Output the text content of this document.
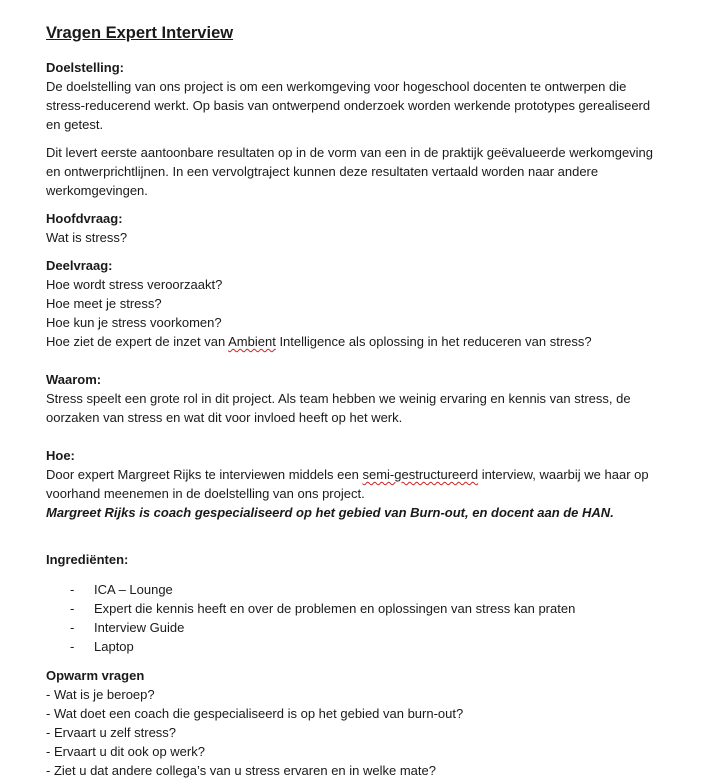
Vragen Expert Interview

Doelstelling:

De doelstelling van ons project is om een werkomgeving voor hogeschool docenten te ontwerpen die stress-reducerend werkt. Op basis van ontwerpend onderzoek worden werkende prototypes gerealiseerd en getest.

Dit levert eerste aantoonbare resultaten op in de vorm van een in de praktijk geëvalueerde werkomgeving en ontwerprichtlijnen. In een vervolgtraject kunnen deze resultaten vertaald worden naar andere werkomgevingen.

Hoofdvraag:

Wat is stress?

Deelvraag:

Hoe wordt stress veroorzaakt?

Hoe meet je stress?

Hoe kun je stress voorkomen?

Hoe ziet de expert de inzet van Ambient Intelligence als oplossing in het reduceren van stress?

Waarom:

Stress speelt een grote rol in dit project. Als team hebben we weinig ervaring en kennis van stress, de oorzaken van stress en wat dit voor invloed heeft op het werk.

Hoe:

Door expert Margreet Rijks te interviewen middels een semi-gestructureerd interview, waarbij we haar op voorhand meenemen in de doelstelling van ons project.

Margreet Rijks is coach gespecialiseerd op het gebied van Burn-out, en docent aan de HAN.

Ingrediënten:

- ICA – Lounge
- Expert die kennis heeft en over de problemen en oplossingen van stress kan praten
- Interview Guide
- Laptop

Opwarm vragen

- Wat is je beroep?

- Wat doet een coach die gespecialiseerd is op het gebied van burn-out?

- Ervaart u zelf stress?

- Ervaart u dit ook op werk?

- Ziet u dat andere collega’s van u stress ervaren en in welke mate?
